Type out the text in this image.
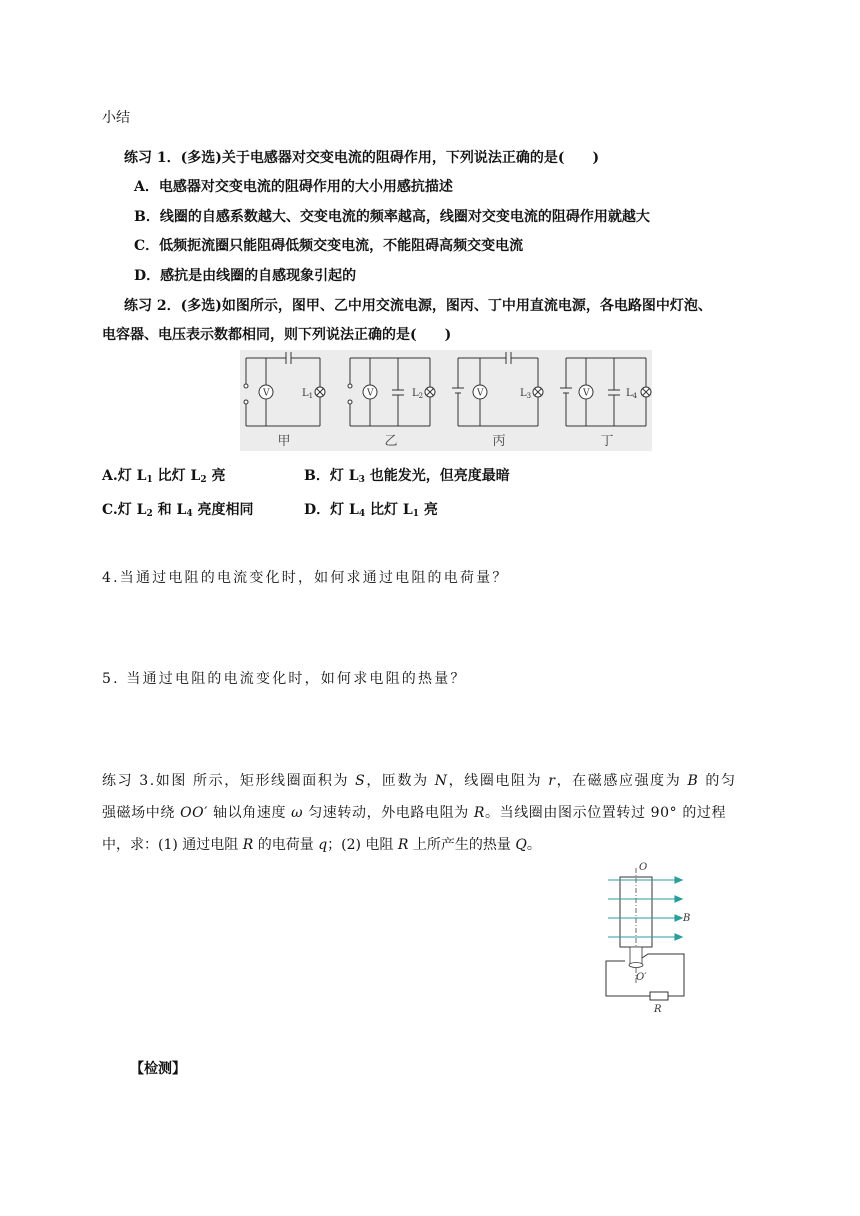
小结
练习 1．(多选)关于电感器对交变电流的阻碍作用，下列说法正确的是(　　)
A．电感器对交变电流的阻碍作用的大小用感抗描述
B．线圈的自感系数越大、交变电流的频率越高，线圈对交变电流的阻碍作用就越大
C．低频扼流圈只能阻碍低频交变电流，不能阻碍高频交变电流
D．感抗是由线圈的自感现象引起的
练习 2．(多选)如图所示，图甲、乙中用交流电源，图丙、丁中用直流电源，各电路图中灯泡、
电容器、电压表示数都相同，则下列说法正确的是(　　)
V	V	V	V
$L_1$	$L_2$	$L_3$	$L_4$
甲	乙	丙	丁
A.灯 $L_1$ 比灯 $L_2$ 亮	B．灯 $L_3$ 也能发光，但亮度最暗
C.灯 $L_2$ 和 $L_4$ 亮度相同	D．灯 $L_4$ 比灯 $L_1$ 亮
4.当通过电阻的电流变化时，如何求通过电阻的电荷量？
5. 当通过电阻的电流变化时，如何求电阻的热量？
练习 3.如图 所示，矩形线圈面积为 S，匝数为 N，线圈电阻为 r，在磁感应强度为 B 的匀
强磁场中绕 OO′ 轴以角速度 ω 匀速转动，外电路电阻为 R。当线圈由图示位置转过 90° 的过程
中，求：(1) 通过电阻 R 的电荷量 q；(2) 电阻 R 上所产生的热量 Q。
O
B
O′
R
【检测】
